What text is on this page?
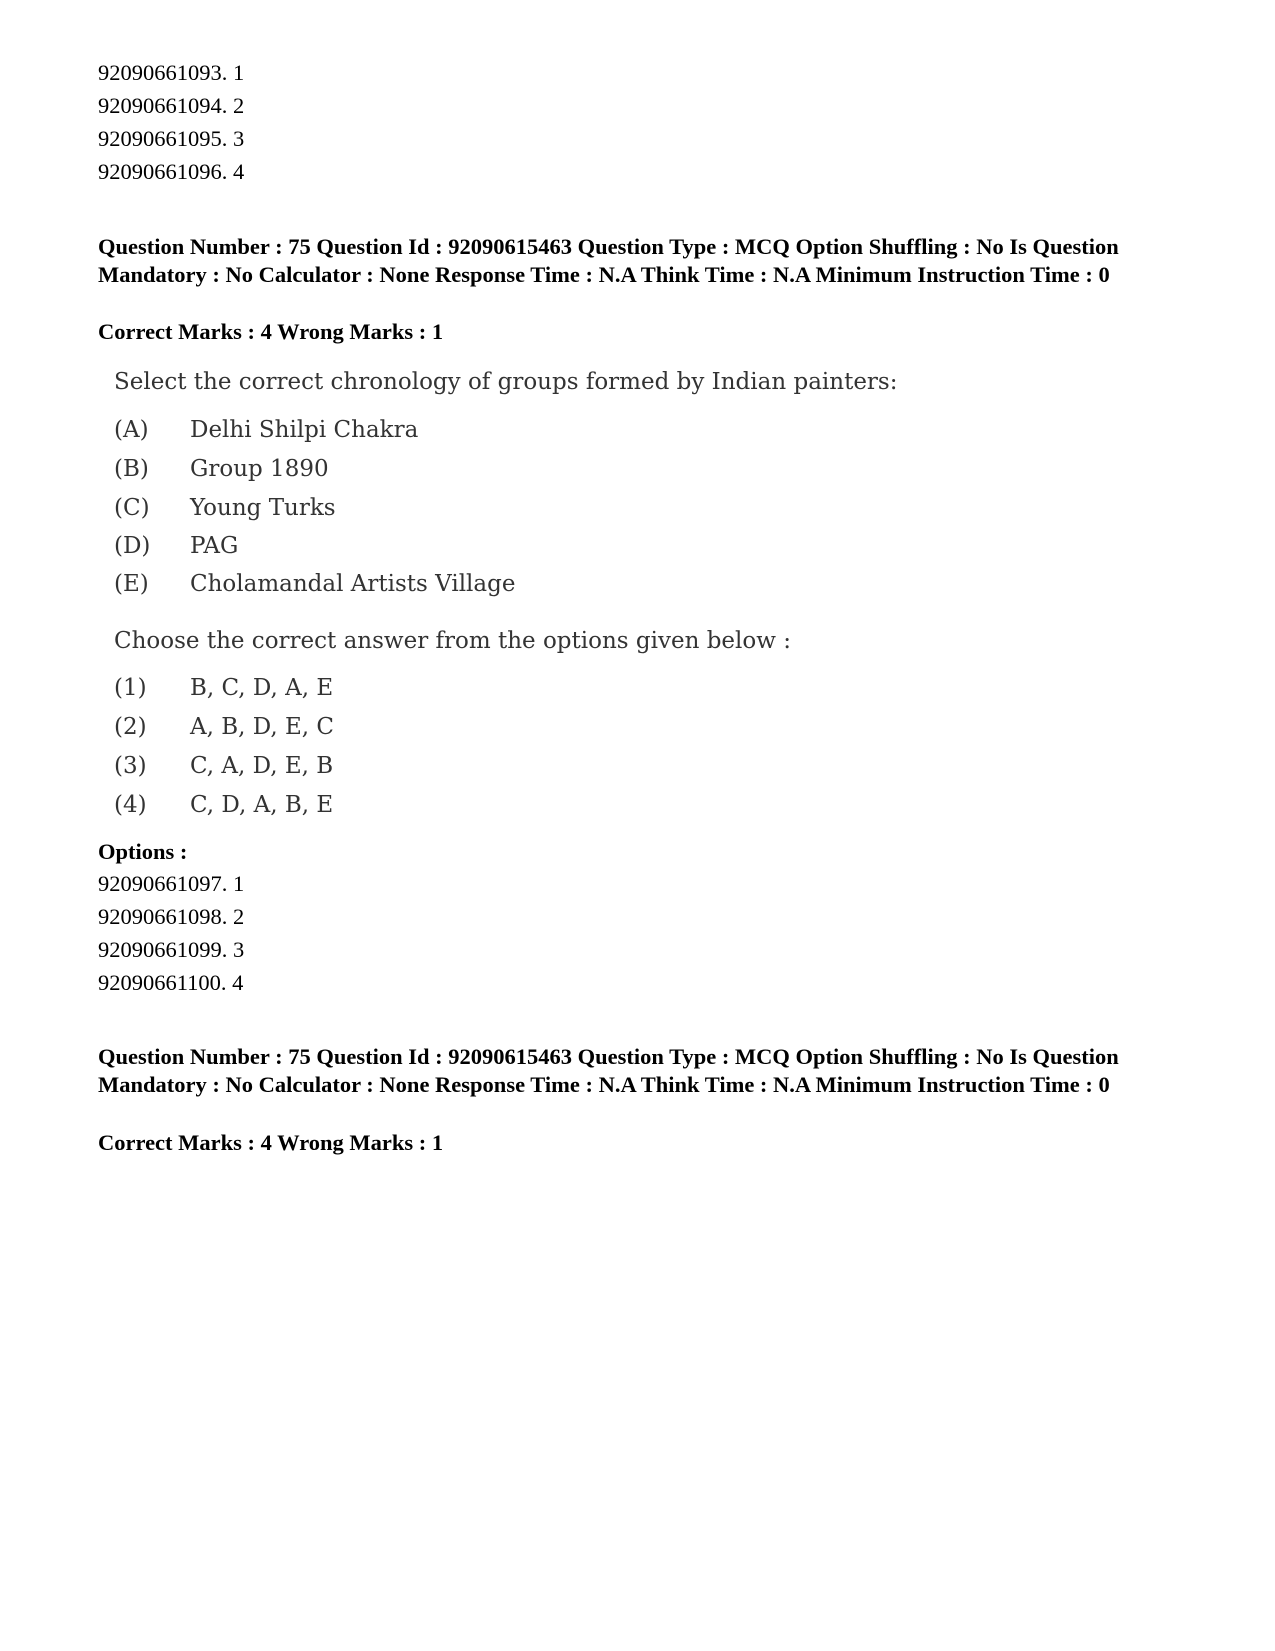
92090661093. 1
92090661094. 2
92090661095. 3
92090661096. 4
Question Number : 75 Question Id : 92090615463 Question Type : MCQ Option Shuffling : No Is Question Mandatory : No Calculator : None Response Time : N.A Think Time : N.A Minimum Instruction Time : 0
Correct Marks : 4 Wrong Marks : 1
Select the correct chronology of groups formed by Indian painters:
(A) Delhi Shilpi Chakra
(B) Group 1890
(C) Young Turks
(D) PAG
(E) Cholamandal Artists Village
Choose the correct answer from the options given below :
(1) B, C, D, A, E
(2) A, B, D, E, C
(3) C, A, D, E, B
(4) C, D, A, B, E
Options :
92090661097. 1
92090661098. 2
92090661099. 3
92090661100. 4
Question Number : 75 Question Id : 92090615463 Question Type : MCQ Option Shuffling : No Is Question Mandatory : No Calculator : None Response Time : N.A Think Time : N.A Minimum Instruction Time : 0
Correct Marks : 4 Wrong Marks : 1
